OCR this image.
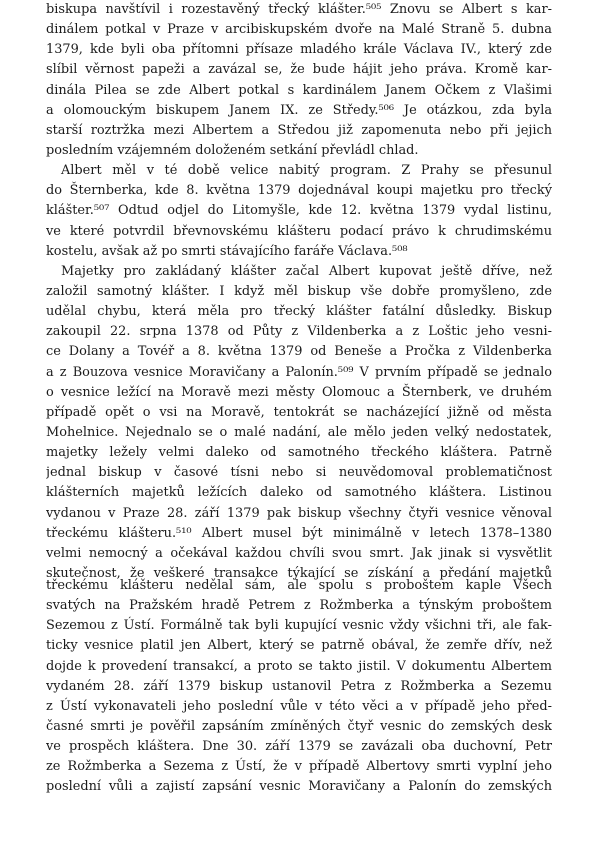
biskupa navštívil i rozestavěný třecký klášter.⁵⁰⁵ Znovu se Albert s kar-
dinálem potkal v Praze v arcibiskupském dvoře na Malé Straně 5. dubna
1379, kde byli oba přítomni přísaze mladého krále Václava IV., který zde
slíbil věrnost papeži a zavázal se, že bude hájit jeho práva. Kromě kar-
dinála Pilea se zde Albert potkal s kardinálem Janem Očkem z Vlašimi
a olomouckým biskupem Janem IX. ze Středy.⁵⁰⁶ Je otázkou, zda byla
starší roztržka mezi Albertem a Středou již zapomenuta nebo při jejich
posledním vzájemném doloženém setkání převládl chlad.
Albert měl v té době velice nabitý program. Z Prahy se přesunul
do Šternberka, kde 8. května 1379 dojednával koupi majetku pro třecký
klášter.⁵⁰⁷ Odtud odjel do Litomyšle, kde 12. května 1379 vydal listinu,
ve které potvrdil břevnovskému klášteru podací právo k chrudimskému
kostelu, avšak až po smrti stávajícího faráře Václava.⁵⁰⁸
Majetky pro zakládaný klášter začal Albert kupovat ještě dříve, než
založil samotný klášter. I když měl biskup vše dobře promyšleno, zde
udělal chybu, která měla pro třecký klášter fatální důsledky. Biskup
zakoupil 22. srpna 1378 od Půty z Vildenberka a z Loštic jeho vesni-
ce Dolany a Tovéř a 8. května 1379 od Beneše a Pročka z Vildenberka
a z Bouzova vesnice Moravičany a Palonín.⁵⁰⁹ V prvním případě se jednalo
o vesnice ležící na Moravě mezi městy Olomouc a Šternberk, ve druhém
případě opět o vsi na Moravě, tentokrát se nacházející jižně od města
Mohelnice. Nejednalo se o malé nadání, ale mělo jeden velký nedostatek,
majetky ležely velmi daleko od samotného třeckého kláštera. Patrně
jednal biskup v časové tísni nebo si neuvědomoval problematičnost
klášterních majetků ležících daleko od samotného kláštera. Listinou
vydanou v Praze 28. září 1379 pak biskup všechny čtyři vesnice věnoval
třeckému klášteru.⁵¹⁰ Albert musel být minimálně v letech 1378–1380
velmi nemocný a očekával každou chvíli svou smrt. Jak jinak si vysvětlit
skutečnost, že veškeré transakce týkající se získání a předání majetků
třeckému klášteru nedělal sám, ale spolu s proboštem kaple Všech
svatých na Pražském hradě Petrem z Rožmberka a týnským proboštem
Sezemou z Ústí. Formálně tak byli kupující vesnic vždy všichni tři, ale fak-
ticky vesnice platil jen Albert, který se patrně obával, že zemře dřív, než
dojde k provedení transakcí, a proto se takto jistil. V dokumentu Albertem
vydaném 28. září 1379 biskup ustanovil Petra z Rožmberka a Sezemu
z Ústí vykonavateli jeho poslední vůle v této věci a v případě jeho před-
časné smrti je pověřil zapsáním zmíněných čtyř vesnic do zemských desk
ve prospěch kláštera. Dne 30. září 1379 se zavázali oba duchovní, Petr
ze Rožmberka a Sezema z Ústí, že v případě Albertovy smrti vyplní jeho
poslední vůli a zajistí zapsání vesnic Moravičany a Palonín do zemských
